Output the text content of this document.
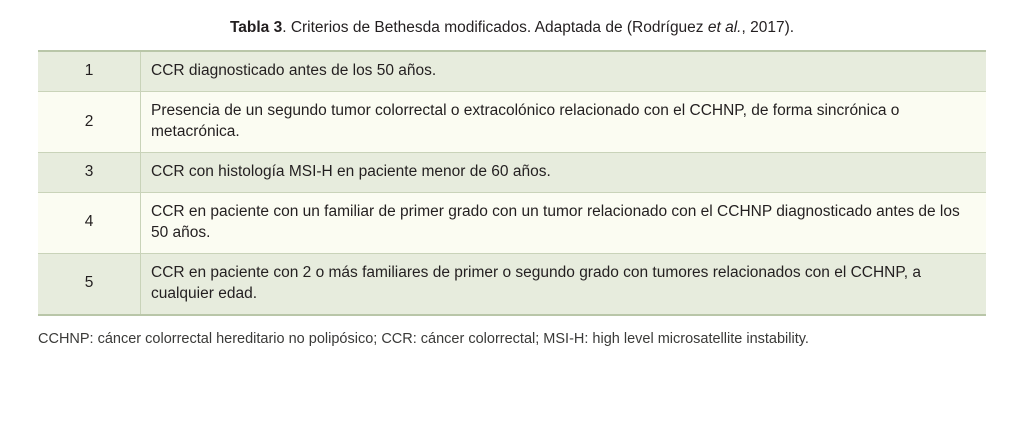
Tabla 3. Criterios de Bethesda modificados. Adaptada de (Rodríguez et al., 2017).
1	CCR diagnosticado antes de los 50 años.
2	Presencia de un segundo tumor colorrectal o extracolónico relacionado con el CCHNP, de forma sincrónica o metacrónica.
3	CCR con histología MSI-H en paciente menor de 60 años.
4	CCR en paciente con un familiar de primer grado con un tumor relacionado con el CCHNP diagnosticado antes de los 50 años.
5	CCR en paciente con 2 o más familiares de primer o segundo grado con tumores relacionados con el CCHNP, a cualquier edad.
CCHNP: cáncer colorrectal hereditario no polipósico; CCR: cáncer colorrectal; MSI-H: high level microsatellite instability.
